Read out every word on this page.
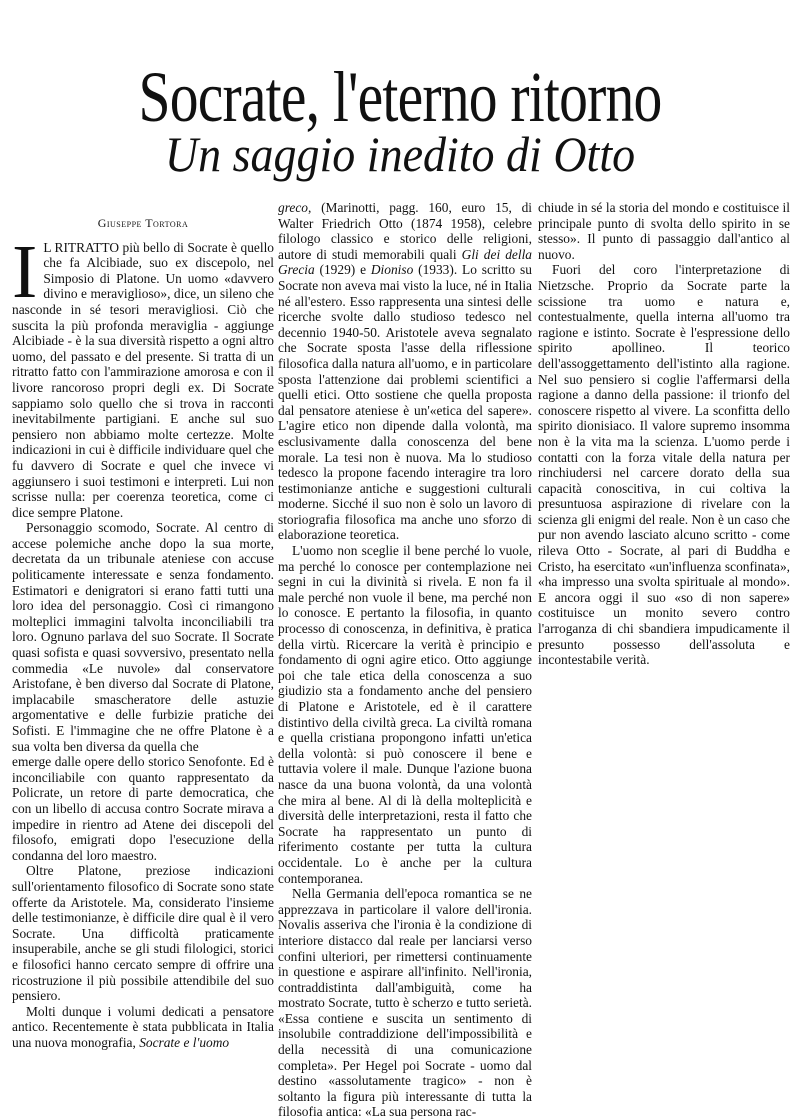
Socrate, l'eterno ritorno
Un saggio inedito di Otto
Giuseppe Tortora

I L RITRATTO più bello di Socrate è quello che fa Alcibiade, suo ex discepolo, nel Simposio di Platone. Un uomo «davvero divino e meraviglioso», dice, un sileno che nasconde in sé tesori meravigliosi. Ciò che suscita la più profonda meraviglia - aggiunge Alcibiade - è la sua diversità rispetto a ogni altro uomo, del passato e del presente. Si tratta di un ritratto fatto con l'ammirazione amorosa e con il livore rancoroso propri degli ex. Di Socrate sappiamo solo quello che si trova in racconti inevitabilmente partigiani. E anche sul suo pensiero non abbiamo molte certezze. Molte indicazioni in cui è difficile individuare quel che fu davvero di Socrate e quel che invece vi aggiunsero i suoi testimoni e interpreti. Lui non scrisse nulla: per coerenza teoretica, come ci dice sempre Platone.

Personaggio scomodo, Socrate. Al centro di accese polemiche anche dopo la sua morte, decretata da un tribunale ateniese con accuse politicamente interessate e senza fondamento. Estimatori e denigratori si erano fatti tutti una loro idea del personaggio. Così ci rimangono molteplici immagini talvolta inconciliabili tra loro. Ognuno parlava del suo Socrate. Il Socrate quasi sofista e quasi sovversivo, presentato nella commedia «Le nuvole» dal conservatore Aristofane, è ben diverso dal Socrate di Platone, implacabile smascheratore delle astuzie argomentative e delle furbizie pratiche dei Sofisti. E l'immagine che ne offre Platone è a sua volta ben diversa da quella che

emerge dalle opere dello storico Senofonte. Ed è inconciliabile con quanto rappresentato da Policrate, un retore di parte democratica, che con un libello di accusa contro Socrate mirava a impedire in rientro ad Atene dei discepoli del filosofo, emigrati dopo l'esecuzione della condanna del loro maestro.

Oltre Platone, preziose indicazioni sull'orientamento filosofico di Socrate sono state offerte da Aristotele. Ma, considerato l'insieme delle testimonianze, è difficile dire qual è il vero Socrate. Una difficoltà praticamente insuperabile, anche se gli studi filologici, storici e filosofici hanno cercato sempre di offrire una ricostruzione il più possibile attendibile del suo pensiero.

Molti dunque i volumi dedicati a pensatore antico. Recentemente è stata pubblicata in Italia una nuova monografia, Socrate e l'uomo

greco, (Marinotti, pagg. 160, euro 15, di Walter Friedrich Otto (1874 1958), celebre filologo classico e storico delle religioni, autore di studi memorabili quali Gli dei della Grecia (1929) e Dioniso (1933). Lo scritto su Socrate non aveva mai visto la luce, né in Italia né all'estero. Esso rappresenta una sintesi delle ricerche svolte dallo studioso tedesco nel decennio 1940-50. Aristotele aveva segnalato che Socrate sposta l'asse della riflessione filosofica dalla natura all'uomo, e in particolare sposta l'attenzione dai problemi scientifici a quelli etici. Otto sostiene che quella proposta dal pensatore ateniese è un'«etica del sapere». L'agire etico non dipende dalla volontà, ma esclusivamente dalla conoscenza del bene morale. La tesi non è nuova. Ma lo studioso tedesco la propone facendo interagire tra loro testimonianze antiche e suggestioni culturali moderne. Sicché il suo non è solo un lavoro di storiografia filosofica ma anche uno sforzo di elaborazione teoretica.

L'uomo non sceglie il bene perché lo vuole, ma perché lo conosce per contemplazione nei segni in cui la divinità si rivela. E non fa il male perché non vuole il bene, ma perché non lo conosce. E pertanto la filosofia, in quanto processo di conoscenza, in definitiva, è pratica della virtù. Ricercare la verità è principio e fondamento di ogni agire etico. Otto aggiunge poi che tale etica della conoscenza a suo giudizio sta a fondamento anche del pensiero di Platone e Aristotele, ed è il carattere distintivo della civiltà greca. La civiltà romana e quella cristiana propongono infatti un'etica della volontà: si può conoscere il bene e tuttavia volere il male. Dunque l'azione buona nasce da una buona volontà, da una volontà che mira al bene. Al di là della molteplicità e diversità delle interpretazioni, resta il fatto che Socrate ha rappresentato un punto di riferimento costante per tutta la cultura occidentale. Lo è anche per la cultura contemporanea.

Nella Germania dell'epoca romantica se ne apprezzava in particolare il valore dell'ironia. Novalis asseriva che l'ironia è la condizione di interiore distacco dal reale per lanciarsi verso confini ulteriori, per rimettersi continuamente in questione e aspirare all'infinito. Nell'ironia, contraddistinta dall'ambiguità, come ha mostrato Socrate, tutto è scherzo e tutto serietà. «Essa contiene e suscita un sentimento di insolubile contraddizione dell'impossibilità e della necessità di una comunicazione completa». Per Hegel poi Socrate - uomo dal destino «assolutamente tragico» - non è soltanto la figura più interessante di tutta la filosofia antica: «La sua persona rac-

chiude in sé la storia del mondo e costituisce il principale punto di svolta dello spirito in se stesso». Il punto di passaggio dall'antico al nuovo.

Fuori del coro l'interpretazione di Nietzsche. Proprio da Socrate parte la scissione tra uomo e natura e, contestualmente, quella interna all'uomo tra ragione e istinto. Socrate è l'espressione dello spirito apollineo. Il teorico dell'assoggettamento dell'istinto alla ragione. Nel suo pensiero si coglie l'affermarsi della ragione a danno della passione: il trionfo del conoscere rispetto al vivere. La sconfitta dello spirito dionisiaco. Il valore supremo insomma non è la vita ma la scienza. L'uomo perde i contatti con la forza vitale della natura per rinchiudersi nel carcere dorato della sua capacità conoscitiva, in cui coltiva la presuntuosa aspirazione di rivelare con la scienza gli enigmi del reale. Non è un caso che pur non avendo lasciato alcuno scritto - come rileva Otto - Socrate, al pari di Buddha e Cristo, ha esercitato «un'influenza sconfinata», «ha impresso una svolta spirituale al mondo». E ancora oggi il suo «so di non sapere» costituisce un monito severo contro l'arroganza di chi sbandiera impudicamente il presunto possesso dell'assoluta e incontestabile verità.
